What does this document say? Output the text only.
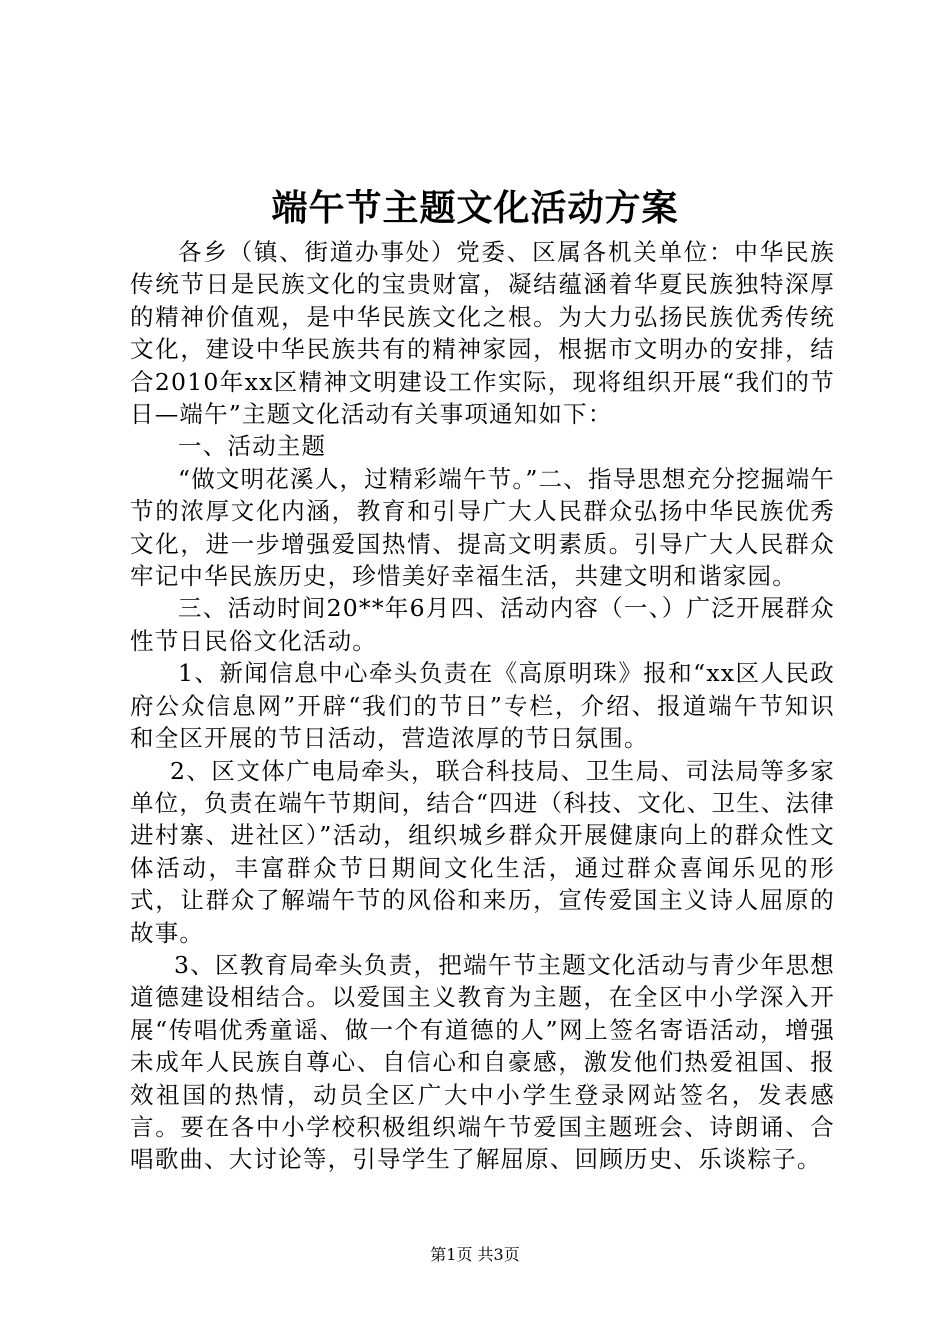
端午节主题文化活动方案

各乡（镇、街道办事处）党委、区属各机关单位：中华民族传统节日是民族文化的宝贵财富，凝结蕴涵着华夏民族独特深厚的精神价值观，是中华民族文化之根。为大力弘扬民族优秀传统文化，建设中华民族共有的精神家园，根据市文明办的安排，结合2010年xx区精神文明建设工作实际，现将组织开展“我们的节日—端午”主题文化活动有关事项通知如下：

一、活动主题

“做文明花溪人，过精彩端午节。”二、指导思想充分挖掘端午节的浓厚文化内涵，教育和引导广大人民群众弘扬中华民族优秀文化，进一步增强爱国热情、提高文明素质。引导广大人民群众牢记中华民族历史，珍惜美好幸福生活，共建文明和谐家园。

三、活动时间20**年6月四、活动内容（一、）广泛开展群众性节日民俗文化活动。

1、新闻信息中心牵头负责在《高原明珠》报和“xx区人民政府公众信息网”开辟“我们的节日”专栏，介绍、报道端午节知识和全区开展的节日活动，营造浓厚的节日氛围。

2、区文体广电局牵头，联合科技局、卫生局、司法局等多家单位，负责在端午节期间，结合“四进（科技、文化、卫生、法律进村寨、进社区）”活动，组织城乡群众开展健康向上的群众性文体活动，丰富群众节日期间文化生活，通过群众喜闻乐见的形式，让群众了解端午节的风俗和来历，宣传爱国主义诗人屈原的故事。

3、区教育局牵头负责，把端午节主题文化活动与青少年思想道德建设相结合。以爱国主义教育为主题，在全区中小学深入开展“传唱优秀童谣、做一个有道德的人”网上签名寄语活动，增强未成年人民族自尊心、自信心和自豪感，激发他们热爱祖国、报效祖国的热情，动员全区广大中小学生登录网站签名，发表感言。要在各中小学校积极组织端午节爱国主题班会、诗朗诵、合唱歌曲、大讨论等，引导学生了解屈原、回顾历史、乐谈粽子。

第1页 共3页
